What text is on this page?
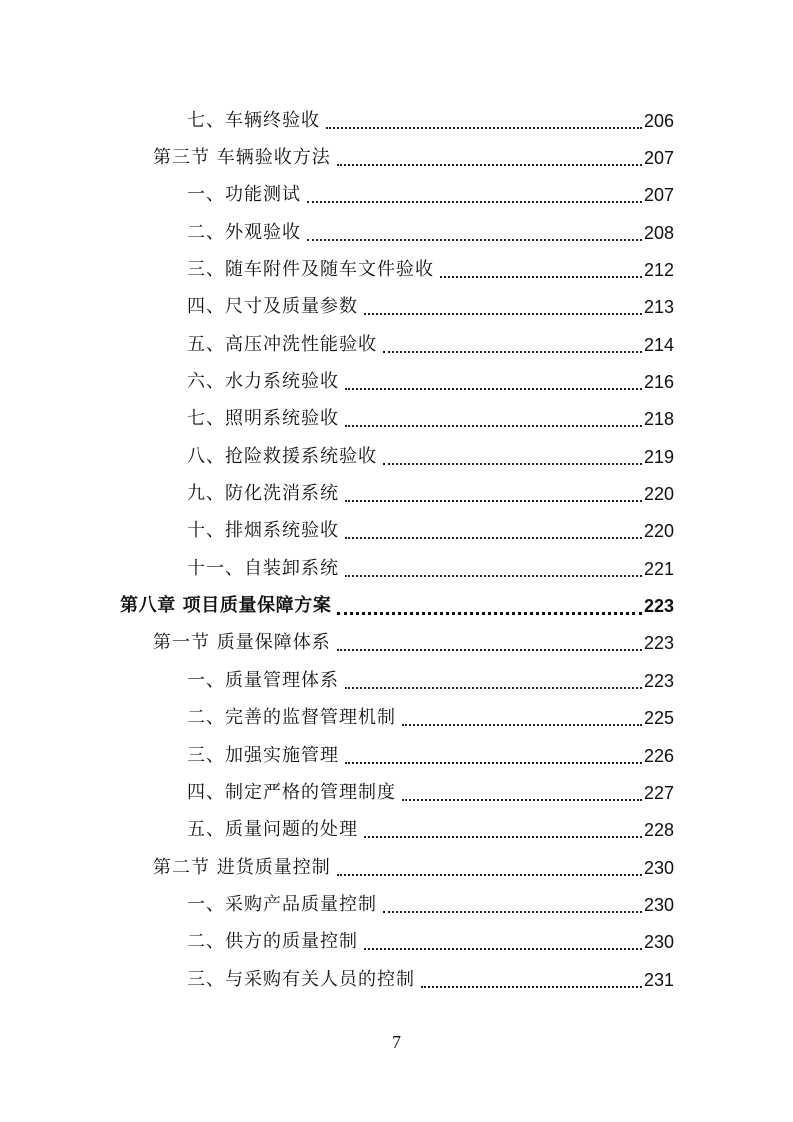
七、车辆终验收	206
第三节 车辆验收方法	207
一、功能测试	207
二、外观验收	208
三、随车附件及随车文件验收	212
四、尺寸及质量参数	213
五、高压冲洗性能验收	214
六、水力系统验收	216
七、照明系统验收	218
八、抢险救援系统验收	219
九、防化洗消系统	220
十、排烟系统验收	220
十一、自装卸系统	221
第八章 项目质量保障方案	223
第一节 质量保障体系	223
一、质量管理体系	223
二、完善的监督管理机制	225
三、加强实施管理	226
四、制定严格的管理制度	227
五、质量问题的处理	228
第二节 进货质量控制	230
一、采购产品质量控制	230
二、供方的质量控制	230
三、与采购有关人员的控制	231
7
